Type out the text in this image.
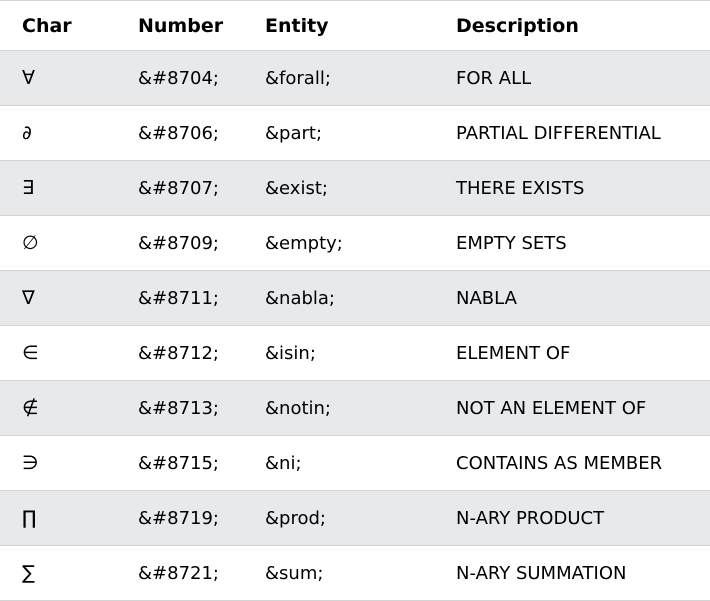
Char	Number	Entity	Description
∀	&#8704;	&forall;	FOR ALL
∂	&#8706;	&part;	PARTIAL DIFFERENTIAL
∃	&#8707;	&exist;	THERE EXISTS
∅	&#8709;	&empty;	EMPTY SETS
∇	&#8711;	&nabla;	NABLA
∈	&#8712;	&isin;	ELEMENT OF
∉	&#8713;	&notin;	NOT AN ELEMENT OF
∋	&#8715;	&ni;	CONTAINS AS MEMBER
∏	&#8719;	&prod;	N-ARY PRODUCT
∑	&#8721;	&sum;	N-ARY SUMMATION
